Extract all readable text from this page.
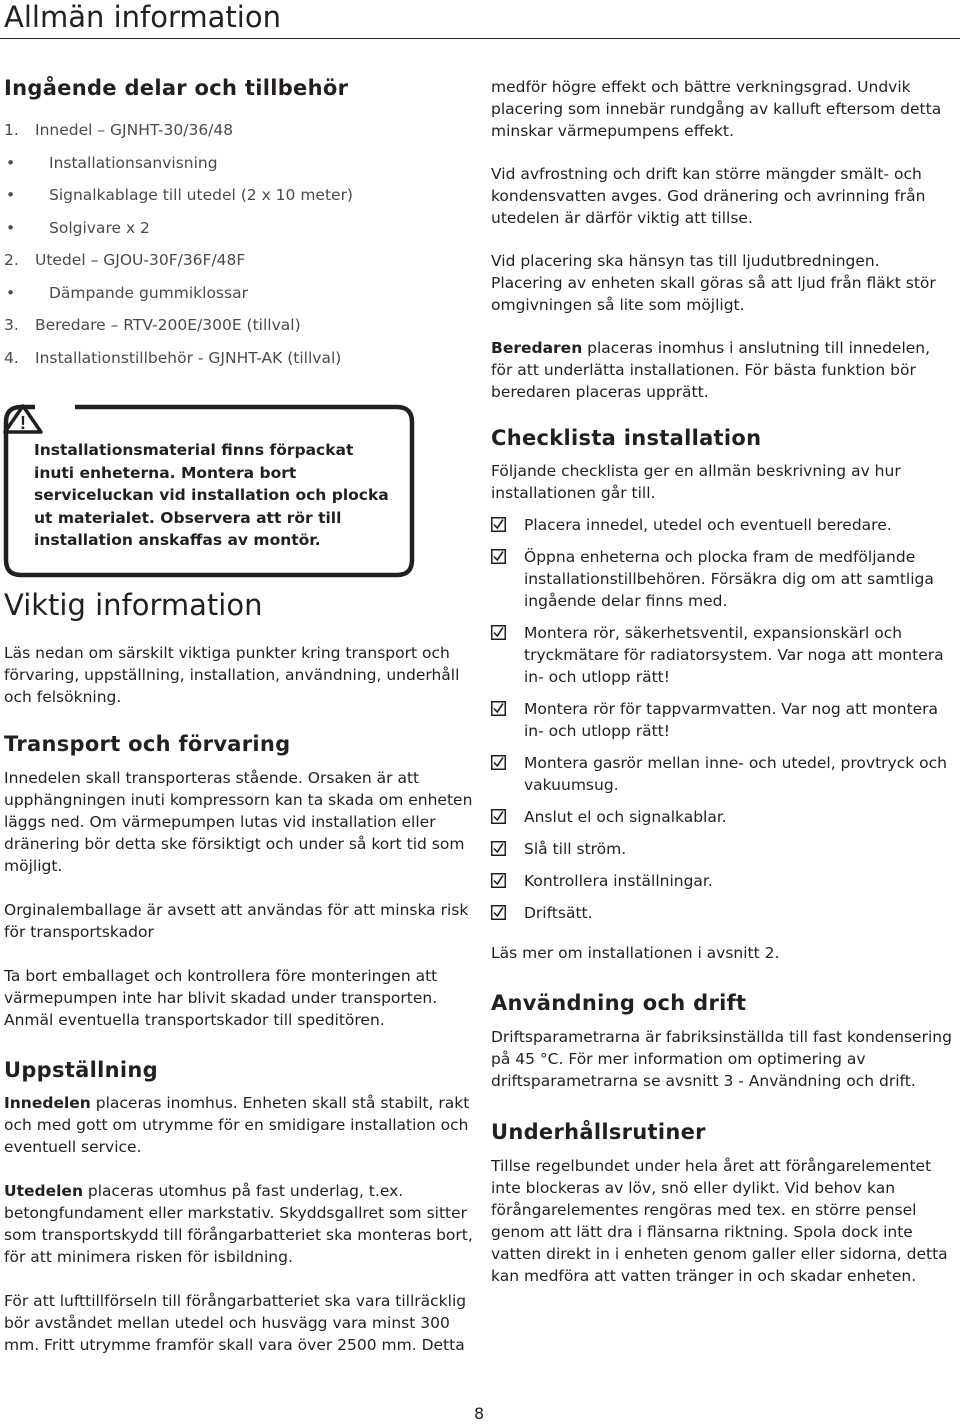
Allmän information
Ingående delar och tillbehör
1. Innedel – GJNHT-30/36/48
• Installationsanvisning
• Signalkablage till utedel (2 x 10 meter)
• Solgivare x 2
2. Utedel – GJOU-30F/36F/48F
• Dämpande gummiklossar
3. Beredare – RTV-200E/300E (tillval)
4. Installationstillbehör - GJNHT-AK (tillval)
!
Installationsmaterial finns förpackat inuti enheterna. Montera bort serviceluckan vid installation och plocka ut materialet. Observera att rör till installation anskaffas av montör.
Viktig information

Läs nedan om särskilt viktiga punkter kring transport och förvaring, uppställning, installation, användning, underhåll och felsökning.

Transport och förvaring

Innedelen skall transporteras stående. Orsaken är att upphängningen inuti kompressorn kan ta skada om enheten läggs ned. Om värmepumpen lutas vid installation eller dränering bör detta ske försiktigt och under så kort tid som möjligt.

Orginalemballage är avsett att användas för att minska risk för transportskador

Ta bort emballaget och kontrollera före monteringen att värmepumpen inte har blivit skadad under transporten. Anmäl eventuella transportskador till speditören.

Uppställning

Innedelen placeras inomhus. Enheten skall stå stabilt, rakt och med gott om utrymme för en smidigare installation och eventuell service.

Utedelen placeras utomhus på fast underlag, t.ex. betongfundament eller markstativ. Skyddsgallret som sitter som transportskydd till förångarbatteriet ska monteras bort, för att minimera risken för isbildning.

För att lufttillförseln till förångarbatteriet ska vara tillräcklig bör avståndet mellan utedel och husvägg vara minst 300 mm. Fritt utrymme framför skall vara över 2500 mm. Detta

medför högre effekt och bättre verkningsgrad. Undvik placering som innebär rundgång av kalluft eftersom detta minskar värmepumpens effekt.

Vid avfrostning och drift kan större mängder smält- och kondensvatten avges. God dränering och avrinning från utedelen är därför viktig att tillse.

Vid placering ska hänsyn tas till ljudutbredningen. Placering av enheten skall göras så att ljud från fläkt stör omgivningen så lite som möjligt.

Beredaren placeras inomhus i anslutning till innedelen, för att underlätta installationen. För bästa funktion bör beredaren placeras upprätt.

Checklista installation

Följande checklista ger en allmän beskrivning av hur installationen går till.

Placera innedel, utedel och eventuell beredare.
Öppna enheterna och plocka fram de medföljande installationstillbehören. Försäkra dig om att samtliga ingående delar finns med.
Montera rör, säkerhetsventil, expansionskärl och tryckmätare för radiatorsystem. Var noga att montera in- och utlopp rätt!
Montera rör för tappvarmvatten. Var nog att montera in- och utlopp rätt!
Montera gasrör mellan inne- och utedel, provtryck och vakuumsug.
Anslut el och signalkablar.
Slå till ström.
Kontrollera inställningar.
Driftsätt.

Läs mer om installationen i avsnitt 2.

Användning och drift

Driftsparametrarna är fabriksinställda till fast kondensering på 45 °C. För mer information om optimering av driftsparametrarna se avsnitt 3 - Användning och drift.

Underhållsrutiner

Tillse regelbundet under hela året att förångarelementet inte blockeras av löv, snö eller dylikt. Vid behov kan förångarelementes rengöras med tex. en större pensel genom att lätt dra i flänsarna riktning. Spola dock inte vatten direkt in i enheten genom galler eller sidorna, detta kan medföra att vatten tränger in och skadar enheten.

8
